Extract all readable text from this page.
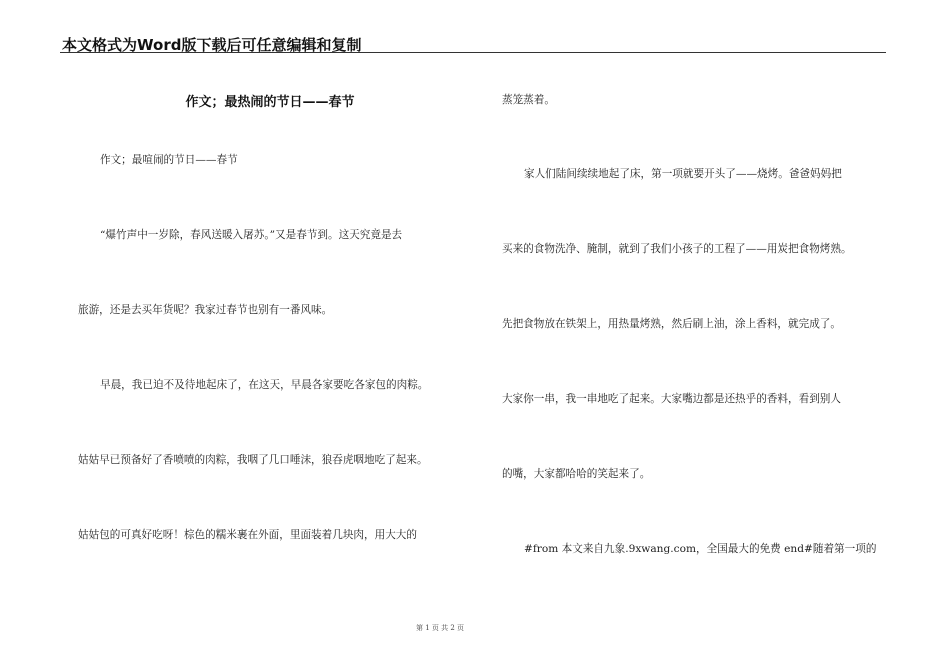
本文格式为Word版下载后可任意编辑和复制
作文；最热闹的节日——春节
作文；最喧闹的节日——春节
“爆竹声中一岁除，春风送暖入屠苏。”又是春节到。这天究竟是去
旅游，还是去买年货呢？我家过春节也别有一番风味。
早晨，我已迫不及待地起床了，在这天，早晨各家要吃各家包的肉粽。
姑姑早已预备好了香喷喷的肉粽，我咽了几口唾沫，狼吞虎咽地吃了起来。
姑姑包的可真好吃呀！棕色的糯米裹在外面，里面装着几块肉，用大大的
蒸笼蒸着。
家人们陆间续续地起了床，第一项就要开头了——烧烤。爸爸妈妈把
买来的食物洗净、腌制，就到了我们小孩子的工程了——用炭把食物烤熟。
先把食物放在铁架上，用热量烤熟，然后刷上油，涂上香料，就完成了。
大家你一串，我一串地吃了起来。大家嘴边都是还热乎的香料，看到别人
的嘴，大家都哈哈的笑起来了。
#from 本文来自九象.9xwang.com，全国最大的免费 end#随着第一项的
第 1 页 共 2 页
